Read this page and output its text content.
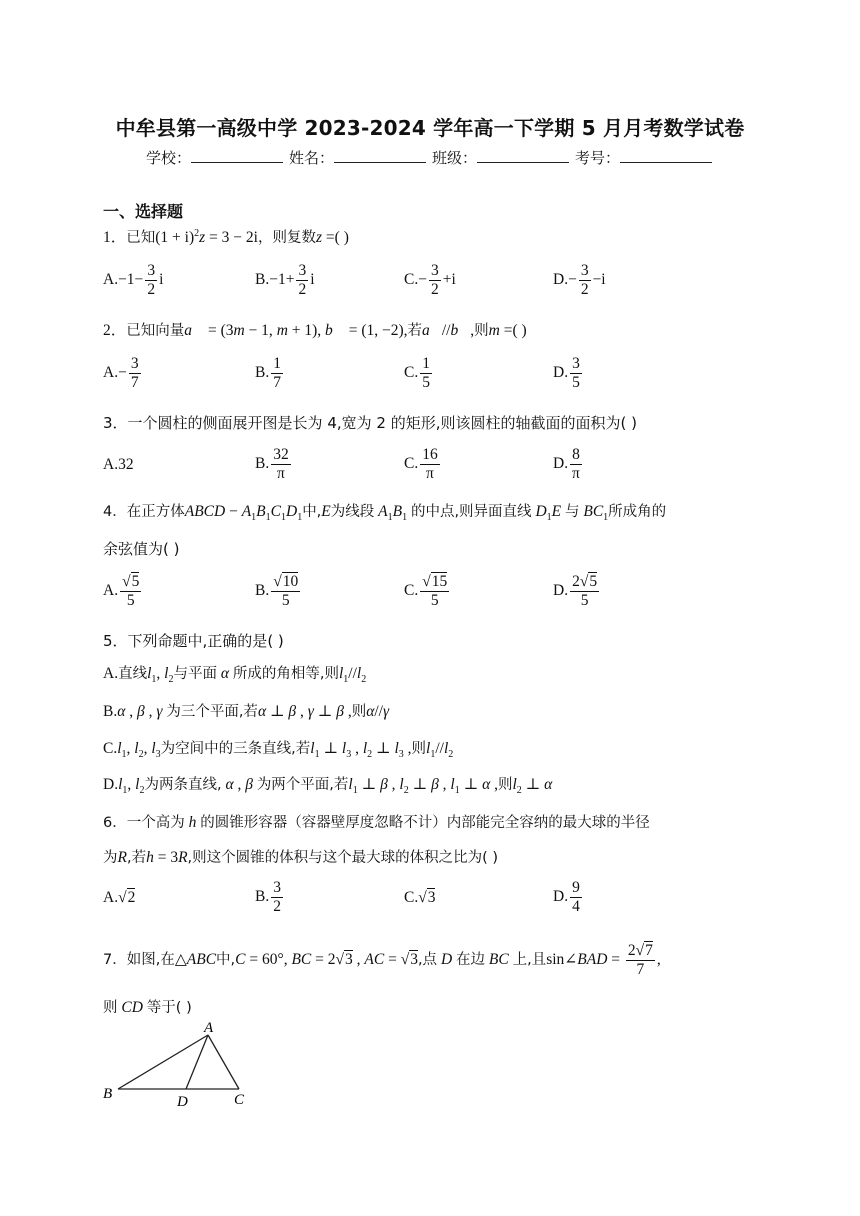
中牟县第一高级中学 2023-2024 学年高一下学期 5 月月考数学试卷
学校：	姓名：	班级：	考号：
一、选择题
1．已知$(1 + i)^2z = 3 - 2i$，则复数z =( )
$A.-1- \frac{3}{2}$ i	$B.-1+ \frac{3}{2}$ i	$C.- \frac{3}{2} +i$	$D.- \frac{3}{2} -i$
2．已知向量a⃗ = (3m − 1, m + 1), b⃗ = (1, −2),若a⃗//b⃗,则m =( )
$A.- \frac{3}{7}$	B. $\frac{1}{7}$	C. $\frac{1}{5}$	D. $\frac{3}{5}$
3．一个圆柱的侧面展开图是长为 4,宽为 2 的矩形,则该圆柱的轴截面的面积为( )
A.32	B. $\frac{32}{\pi}$	C. $\frac{16}{\pi}$	D. $\frac{8}{\pi}$
4．在正方体ABCD − $A_1B_1C_1D_1$中,E为线段 $A_1B_1$ 的中点,则异面直线 $D_1E$ 与 $BC_1$所成角的
余弦值为( )
A. $\frac{√5}{5}$	B. $\frac{√10}{5}$	C. $\frac{√15}{5}$	D. $\frac{2√5}{5}$
5．下列命题中,正确的是( )
A.直线$l_1$, $l_2$与平面 α 所成的角相等,则$l_1//l_2$
B.α , β , γ 为三个平面,若α ⊥ β , γ ⊥ β ,则α//γ
$C.l_1$, $l_2$, $l_3$为空间中的三条直线,若$l_1$ ⊥ $l_3$ , $l_2$ ⊥ $l_3$ ,则$l_1//l_2$
$D.l_1$, $l_2$为两条直线, α , β 为两个平面,若$l_1$ ⊥ β , $l_2$ ⊥ β , $l_1$ ⊥ α ,则$l_2$ ⊥ α
6．一个高为 h 的圆锥形容器（容器壁厚度忽略不计）内部能完全容纳的最大球的半径
为R,若h = 3R,则这个圆锥的体积与这个最大球的体积之比为( )
A.√2	B. $\frac{3}{2}$	C.√3	D. $\frac{9}{4}$
7．如图,在△ABC中,C = 60°, BC = 2√3 , AC = √3,点 D 在边 BC 上,且sin∠BAD = $\frac{2√7}{7}$ ,
则 CD 等于( )
A
B	D	C
